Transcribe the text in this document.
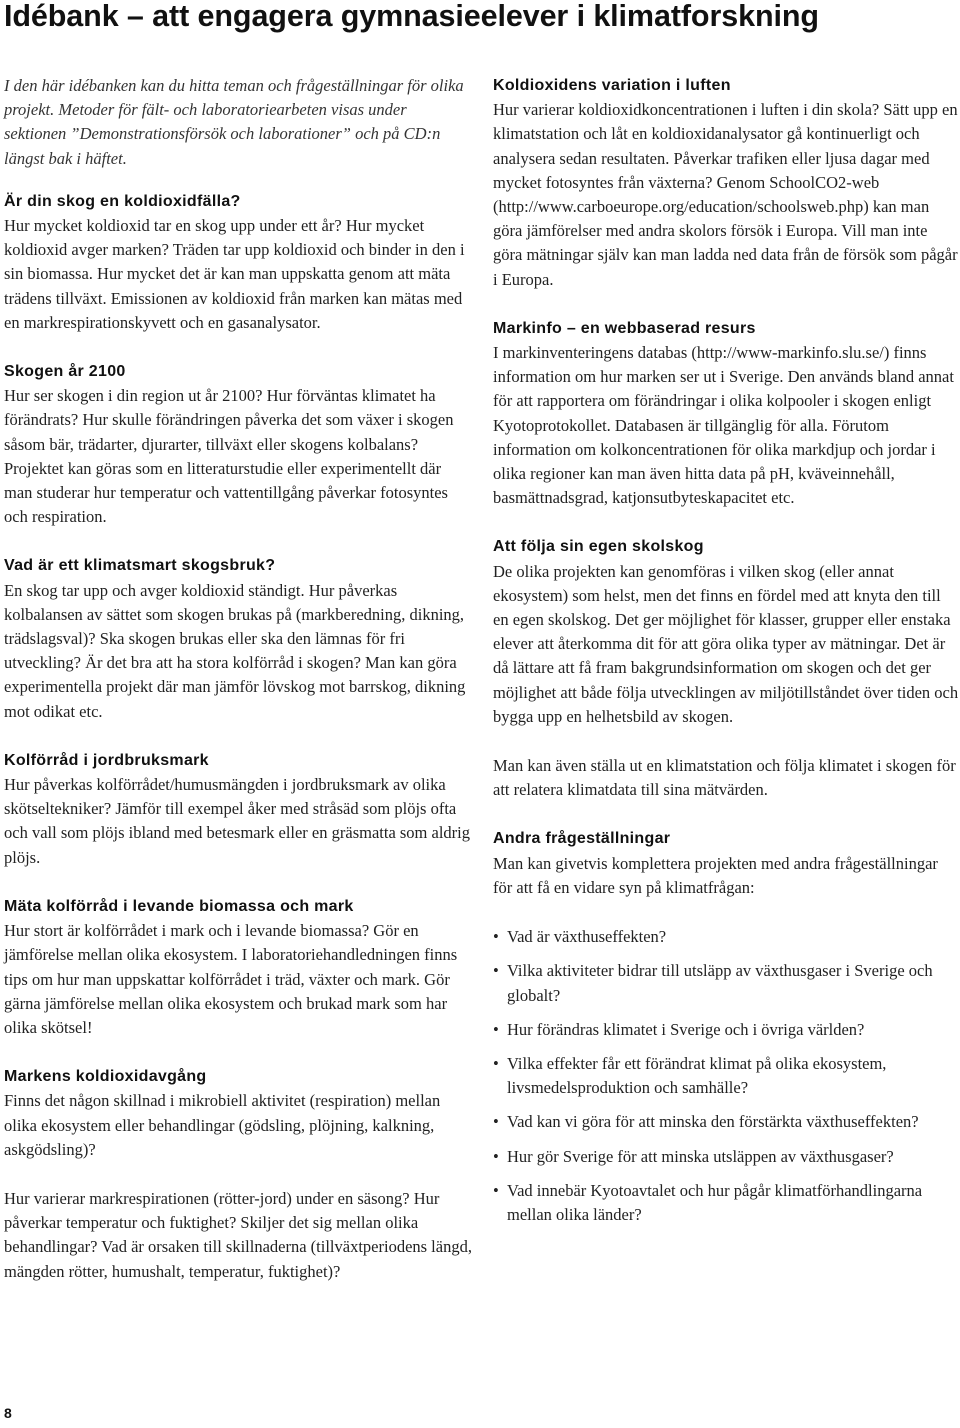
Idébank – att engagera gymnasieelever i klimatforskning

I den här idébanken kan du hitta teman och frågeställningar för olika projekt. Metoder för fält- och laboratoriearbeten visas under sektionen ”Demonstrationsförsök och laborationer” och på CD:n längst bak i häftet.

Är din skog en koldioxidfälla?

Hur mycket koldioxid tar en skog upp under ett år? Hur mycket koldioxid avger marken? Träden tar upp koldioxid och binder in den i sin biomassa. Hur mycket det är kan man uppskatta genom att mäta trädens tillväxt. Emissionen av koldioxid från marken kan mätas med en markrespirationskyvett och en gasanalysator.

Skogen år 2100

Hur ser skogen i din region ut år 2100? Hur förväntas klimatet ha förändrats? Hur skulle förändringen påverka det som växer i skogen såsom bär, trädarter, djurarter, tillväxt eller skogens kolbalans? Projektet kan göras som en litteraturstudie eller experimentellt där man studerar hur temperatur och vattentillgång påverkar fotosyntes och respiration.

Vad är ett klimatsmart skogsbruk?

En skog tar upp och avger koldioxid ständigt. Hur påverkas kolbalansen av sättet som skogen brukas på (markberedning, dikning, trädslagsval)? Ska skogen brukas eller ska den lämnas för fri utveckling? Är det bra att ha stora kolförråd i skogen? Man kan göra experimentella projekt där man jämför lövskog mot barrskog, dikning mot odikat etc.

Kolförråd i jordbruksmark

Hur påverkas kolförrådet/humusmängden i jordbruksmark av olika skötseltekniker? Jämför till exempel åker med stråsäd som plöjs ofta och vall som plöjs ibland med betesmark eller en gräsmatta som aldrig plöjs.

Mäta kolförråd i levande biomassa och mark

Hur stort är kolförrådet i mark och i levande biomassa? Gör en jämförelse mellan olika ekosystem. I laboratoriehandledningen finns tips om hur man uppskattar kolförrådet i träd, växter och mark. Gör gärna jämförelse mellan olika ekosystem och brukad mark som har olika skötsel!

Markens koldioxidavgång

Finns det någon skillnad i mikrobiell aktivitet (respiration) mellan olika ekosystem eller behandlingar (gödsling, plöjning, kalkning, askgödsling)?

Hur varierar markrespirationen (rötter-jord) under en säsong? Hur påverkar temperatur och fuktighet? Skiljer det sig mellan olika behandlingar? Vad är orsaken till skillnaderna (tillväxtperiodens längd, mängden rötter, humushalt, temperatur, fuktighet)?

Koldioxidens variation i luften

Hur varierar koldioxidkoncentrationen i luften i din skola? Sätt upp en klimatstation och låt en koldioxidanalysator gå kontinuerligt och analysera sedan resultaten. Påverkar trafiken eller ljusa dagar med mycket fotosyntes från växterna? Genom SchoolCO2-web (http://www.carboeurope.org/education/schoolsweb.php) kan man göra jämförelser med andra skolors försök i Europa. Vill man inte göra mätningar själv kan man ladda ned data från de försök som pågår i Europa.

Markinfo – en webbaserad resurs

I markinventeringens databas (http://www-markinfo.slu.se/) finns information om hur marken ser ut i Sverige. Den används bland annat för att rapportera om förändringar i olika kolpooler i skogen enligt Kyotoprotokollet. Databasen är tillgänglig för alla. Förutom information om kolkoncentrationen för olika markdjup och jordar i olika regioner kan man även hitta data på pH, kväveinnehåll, basmättnadsgrad, katjonsutbyteskapacitet etc.

Att följa sin egen skolskog

De olika projekten kan genomföras i vilken skog (eller annat ekosystem) som helst, men det finns en fördel med att knyta den till en egen skolskog. Det ger möjlighet för klasser, grupper eller enstaka elever att återkomma dit för att göra olika typer av mätningar. Det är då lättare att få fram bakgrundsinformation om skogen och det ger möjlighet att både följa utvecklingen av miljötillståndet över tiden och bygga upp en helhetsbild av skogen.

Man kan även ställa ut en klimatstation och följa klimatet i skogen för att relatera klimatdata till sina mätvärden.

Andra frågeställningar

Man kan givetvis komplettera projekten med andra frågeställningar för att få en vidare syn på klimatfrågan:

• Vad är växthuseffekten?
• Vilka aktiviteter bidrar till utsläpp av växthusgaser i Sverige och globalt?
• Hur förändras klimatet i Sverige och i övriga världen?
• Vilka effekter får ett förändrat klimat på olika ekosystem, livsmedelsproduktion och samhälle?
• Vad kan vi göra för att minska den förstärkta växthuseffekten?
• Hur gör Sverige för att minska utsläppen av växthusgaser?
• Vad innebär Kyotoavtalet och hur pågår klimatförhandlingarna mellan olika länder?
8
